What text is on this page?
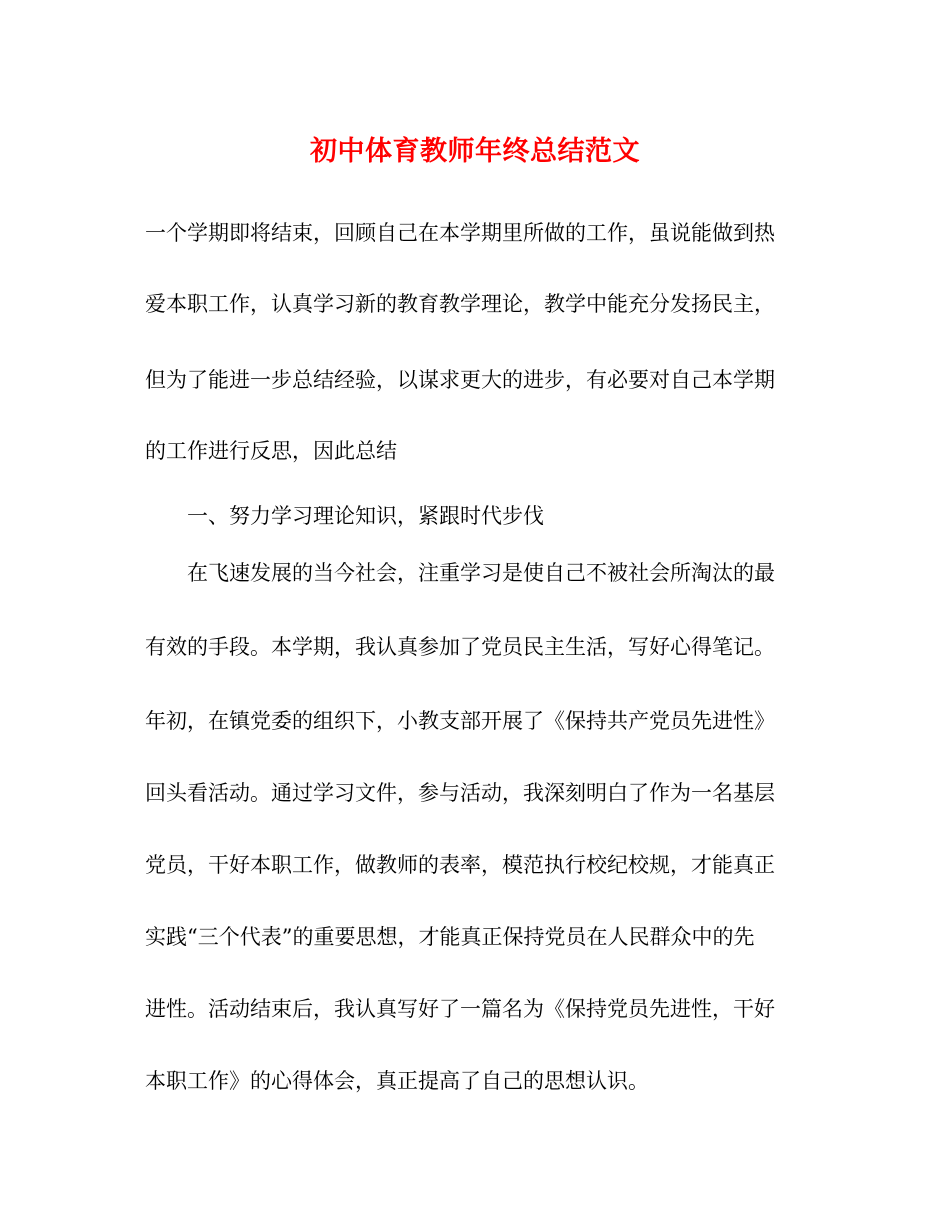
初中体育教师年终总结范文
一个学期即将结束，回顾自己在本学期里所做的工作，虽说能做到热
爱本职工作，认真学习新的教育教学理论，教学中能充分发扬民主，
但为了能进一步总结经验，以谋求更大的进步，有必要对自己本学期
的工作进行反思，因此总结
一、努力学习理论知识，紧跟时代步伐
在飞速发展的当今社会，注重学习是使自己不被社会所淘汰的最
有效的手段。本学期，我认真参加了党员民主生活，写好心得笔记。
年初，在镇党委的组织下，小教支部开展了《保持共产党员先进性》
回头看活动。通过学习文件，参与活动，我深刻明白了作为一名基层
党员，干好本职工作，做教师的表率，模范执行校纪校规，才能真正
实践“三个代表”的重要思想，才能真正保持党员在人民群众中的先
进性。活动结束后，我认真写好了一篇名为《保持党员先进性，干好
本职工作》的心得体会，真正提高了自己的思想认识。
